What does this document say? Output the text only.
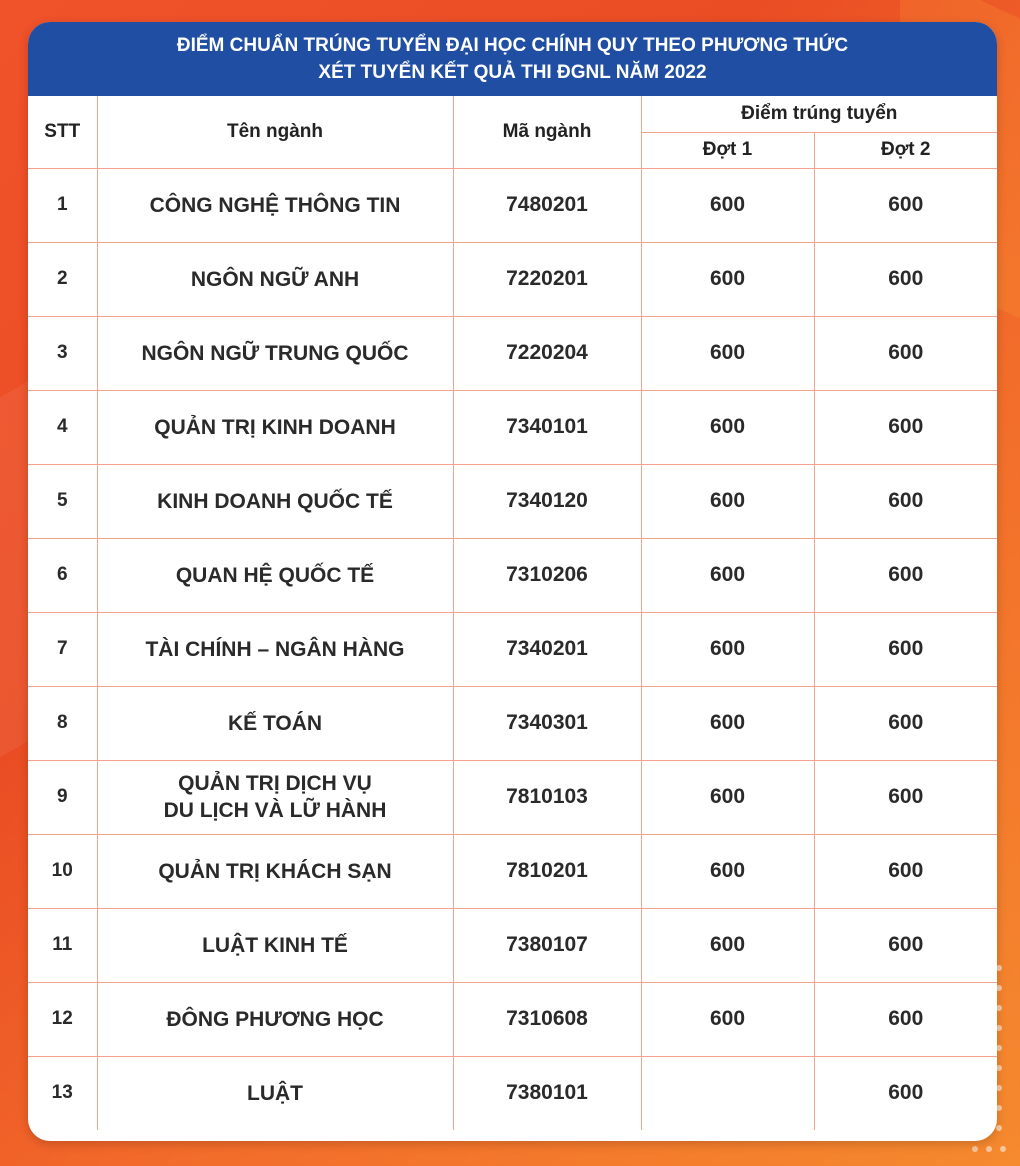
ĐIỂM CHUẨN TRÚNG TUYỂN ĐẠI HỌC CHÍNH QUY THEO PHƯƠNG THỨC
XÉT TUYỂN KẾT QUẢ THI ĐGNL NĂM 2022
STT	Tên ngành	Mã ngành	Điểm trúng tuyển	
			Đợt 1	Đợt 2
1	CÔNG NGHỆ THÔNG TIN	7480201	600	600
2	NGÔN NGỮ ANH	7220201	600	600
3	NGÔN NGỮ TRUNG QUỐC	7220204	600	600
4	QUẢN TRỊ KINH DOANH	7340101	600	600
5	KINH DOANH QUỐC TẾ	7340120	600	600
6	QUAN HỆ QUỐC TẾ	7310206	600	600
7	TÀI CHÍNH – NGÂN HÀNG	7340201	600	600
8	KẾ TOÁN	7340301	600	600
9	QUẢN TRỊ DỊCH VỤ
DU LỊCH VÀ LỮ HÀNH	7810103	600	600
10	QUẢN TRỊ KHÁCH SẠN	7810201	600	600
11	LUẬT KINH TẾ	7380107	600	600
12	ĐÔNG PHƯƠNG HỌC	7310608	600	600
13	LUẬT	7380101		600
